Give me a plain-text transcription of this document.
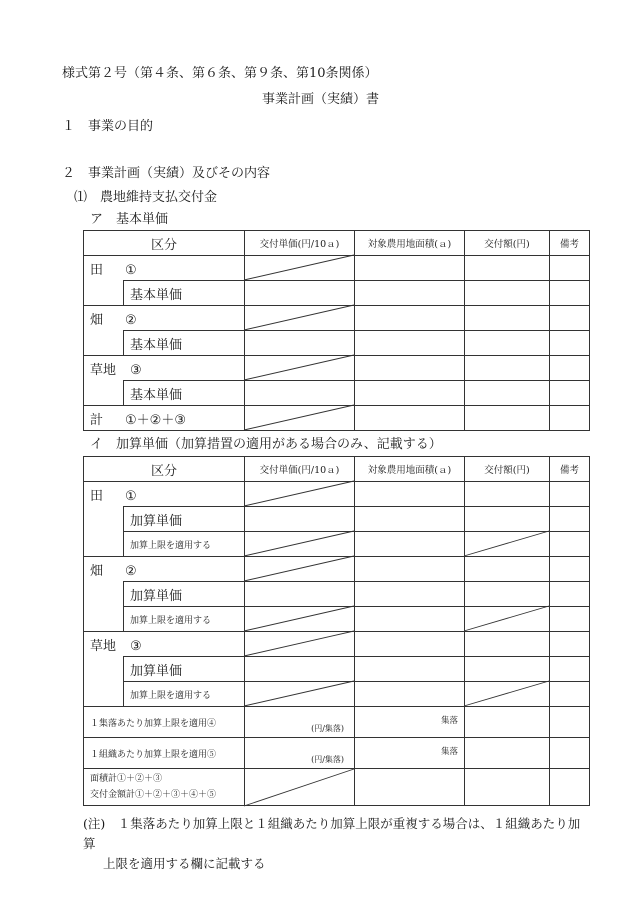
様式第２号（第４条、第６条、第９条、第10条関係）
事業計画（実績）書
１　事業の目的
２　事業計画（実績）及びその内容
⑴　農地維持支払交付金
ア　基本単価
区分		交付単価(円/10ａ)	対象農用地面積(ａ)	交付額(円)	備考
田 ①					
	基本単価				
畑 ②					
	基本単価				
草地 ③					
	基本単価				
計 ①＋②＋③					
イ　加算単価（加算措置の適用がある場合のみ、記載する）
区分		交付単価(円/10ａ)	対象農用地面積(ａ)	交付額(円)	備考
田 ①					
	加算単価				
	加算上限を適用する				
畑 ②					
	加算単価				
	加算上限を適用する				
草地 ③					
	加算単価				
	加算上限を適用する				
１集落あたり加算上限を適用④		(円/集落)	集落		

１組織あたり加算上限を適用⑤		(円/集落)	集落		

面積計①＋②＋③
交付金額計①＋②＋③＋④＋⑤					
(注)　１集落あたり加算上限と１組織あたり加算上限が重複する場合は、１組織あたり加算
上限を適用する欄に記載する
